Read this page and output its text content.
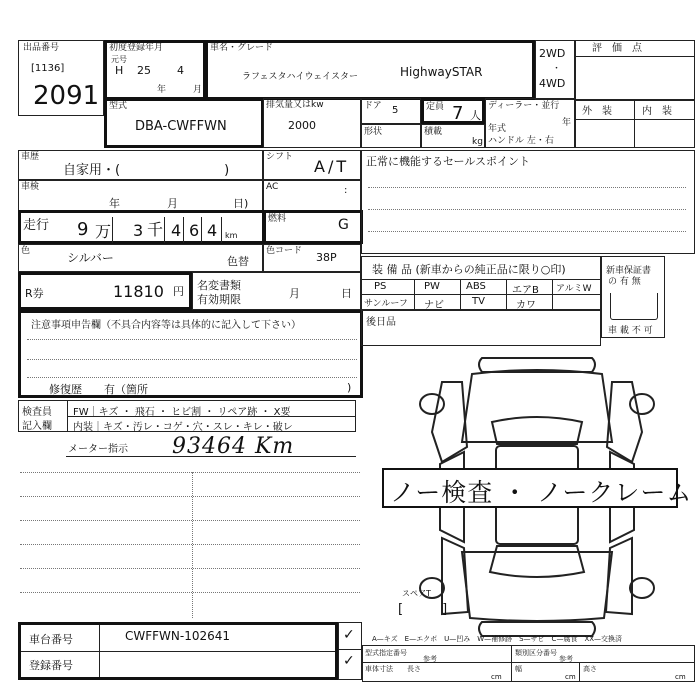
出品番号
[1136]
2091
初度登録年月
元号
H 25 4
年	月
車名・グレード
ラフェスタハイウェイスター	HighwaySTAR
2WD
・
4WD
評　価　点
型式
DBA-CWFFWN
排気量又はkw
2000
ドア 5	定員 7 人
ディーラー・並行
年
年式
ハンドル 左・右
形状	積載
kg
外　装	内　装
車歴
自家用・(　　　　　　　　)
シフト A/T
車検
年	月	日)
AC	:
走行 9 万 3 千 4 6 4 km
燃料	G
色	シルバー	色替
色コード 38P
R券	11810 円 名変書類
有効期限	月	日
注意事項申告欄（不具合内容等は具体的に記入して下さい）
修復歴　　有（箇所	)
検査員
記入欄
FW｜キズ ・ 飛石 ・ ヒビ割 ・ リペア跡 ・ X要
内装｜キズ・汚レ・コゲ・穴・スレ・キレ・破レ
メーター指示 93464 Km
正常に機能するセールスポイント
装 備 品 (新車からの純正品に限り○印)
PS	PW	ABS	エアB アルミW
サンルーフ ナビ	TV	カワ
新車保証書
の 有 無
車 載 不 可
後日品
ノー検査 ・ ノークレーム
スペアT
[　　　]
車台番号	CWFFWN-102641
登録番号
✓
✓
A—キズ　E—エクボ　U—凹み　W—補修跡　S—サビ　C—腐食　XX—交換済
型式指定番号
参考
類別区分番号
参考
車体寸法 長さ
cm
幅
cm
高さ
cm
